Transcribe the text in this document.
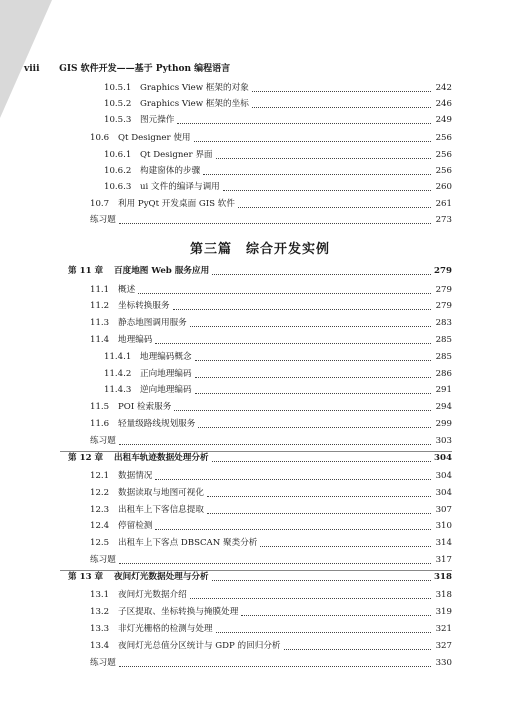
viii GIS 软件开发——基于 Python 编程语言
10.5.1	Graphics View 框架的对象	242
10.5.2	Graphics View 框架的坐标	246
10.5.3	图元操作	249
10.6	Qt Designer 使用	256
10.6.1	Qt Designer 界面	256
10.6.2	构建窗体的步骤	256
10.6.3	ui 文件的编译与调用	260
10.7	利用 PyQt 开发桌面 GIS 软件	261
练习题	273
第三篇　综合开发实例
第 11 章	百度地图 Web 服务应用	279
11.1	概述	279
11.2	坐标转换服务	279
11.3	静态地图调用服务	283
11.4	地理编码	285
11.4.1	地理编码概念	285
11.4.2	正向地理编码	286
11.4.3	逆向地理编码	291
11.5	POI 检索服务	294
11.6	轻量级路线规划服务	299
练习题	303
第 12 章	出租车轨迹数据处理分析	304
12.1	数据情况	304
12.2	数据读取与地图可视化	304
12.3	出租车上下客信息提取	307
12.4	停留检测	310
12.5	出租车上下客点 DBSCAN 聚类分析	314
练习题	317
第 13 章	夜间灯光数据处理与分析	318
13.1	夜间灯光数据介绍	318
13.2	子区提取、坐标转换与掩膜处理	319
13.3	非灯光栅格的检测与处理	321
13.4	夜间灯光总值分区统计与 GDP 的回归分析	327
练习题	330
